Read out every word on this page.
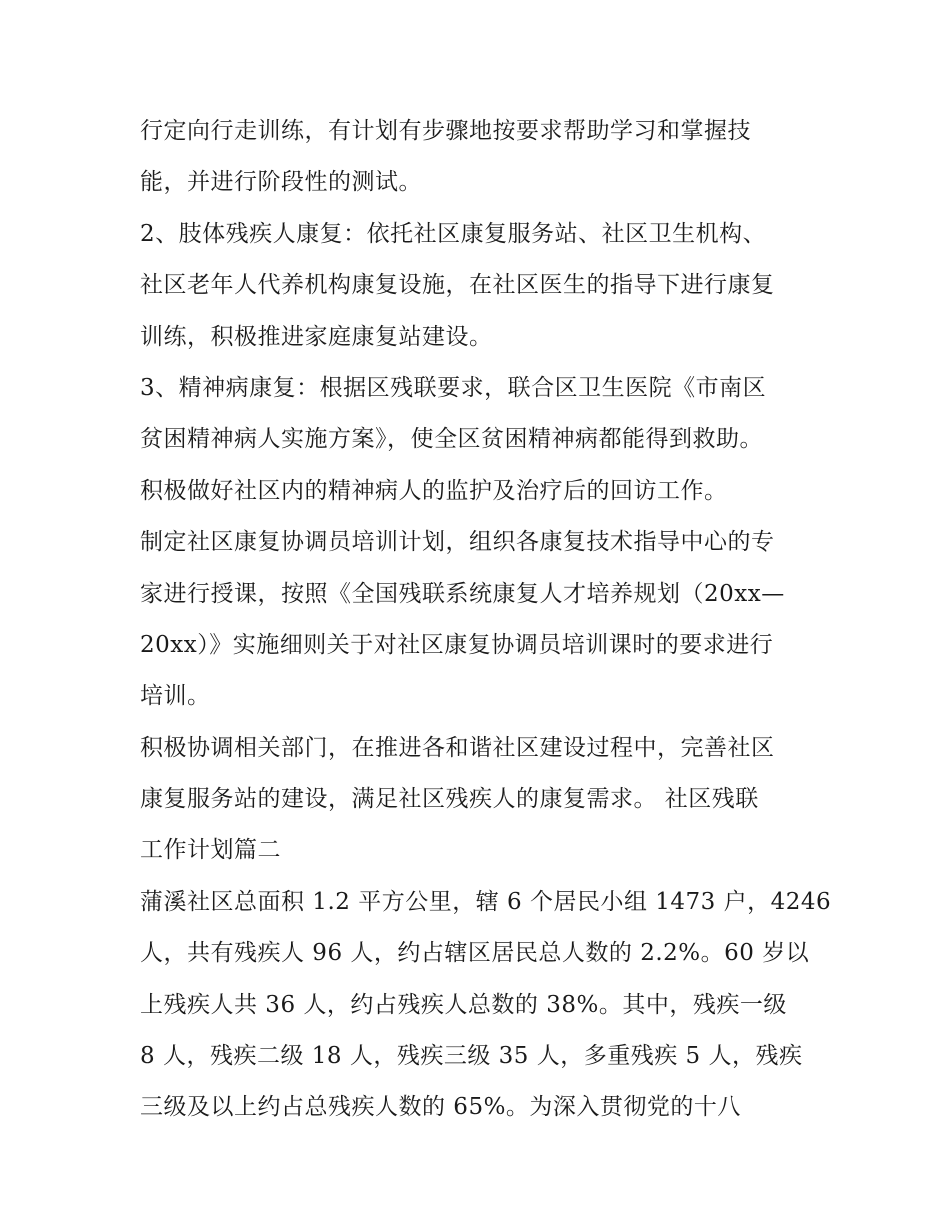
行定向行走训练，有计划有步骤地按要求帮助学习和掌握技
能，并进行阶段性的测试。
2、肢体残疾人康复：依托社区康复服务站、社区卫生机构、
社区老年人代养机构康复设施，在社区医生的指导下进行康复
训练，积极推进家庭康复站建设。
3、精神病康复：根据区残联要求，联合区卫生医院《市南区
贫困精神病人实施方案》，使全区贫困精神病都能得到救助。
积极做好社区内的精神病人的监护及治疗后的回访工作。
制定社区康复协调员培训计划，组织各康复技术指导中心的专
家进行授课，按照《全国残联系统康复人才培养规划（20xx—
20xx）》实施细则关于对社区康复协调员培训课时的要求进行
培训。
积极协调相关部门，在推进各和谐社区建设过程中，完善社区
康复服务站的建设，满足社区残疾人的康复需求。 社区残联
工作计划篇二
蒲溪社区总面积 1.2 平方公里，辖 6 个居民小组 1473 户，4246
人，共有残疾人 96 人，约占辖区居民总人数的 2.2%。60 岁以
上残疾人共 36 人，约占残疾人总数的 38%。其中，残疾一级
8 人，残疾二级 18 人，残疾三级 35 人，多重残疾 5 人，残疾
三级及以上约占总残疾人数的 65%。为深入贯彻党的十八
